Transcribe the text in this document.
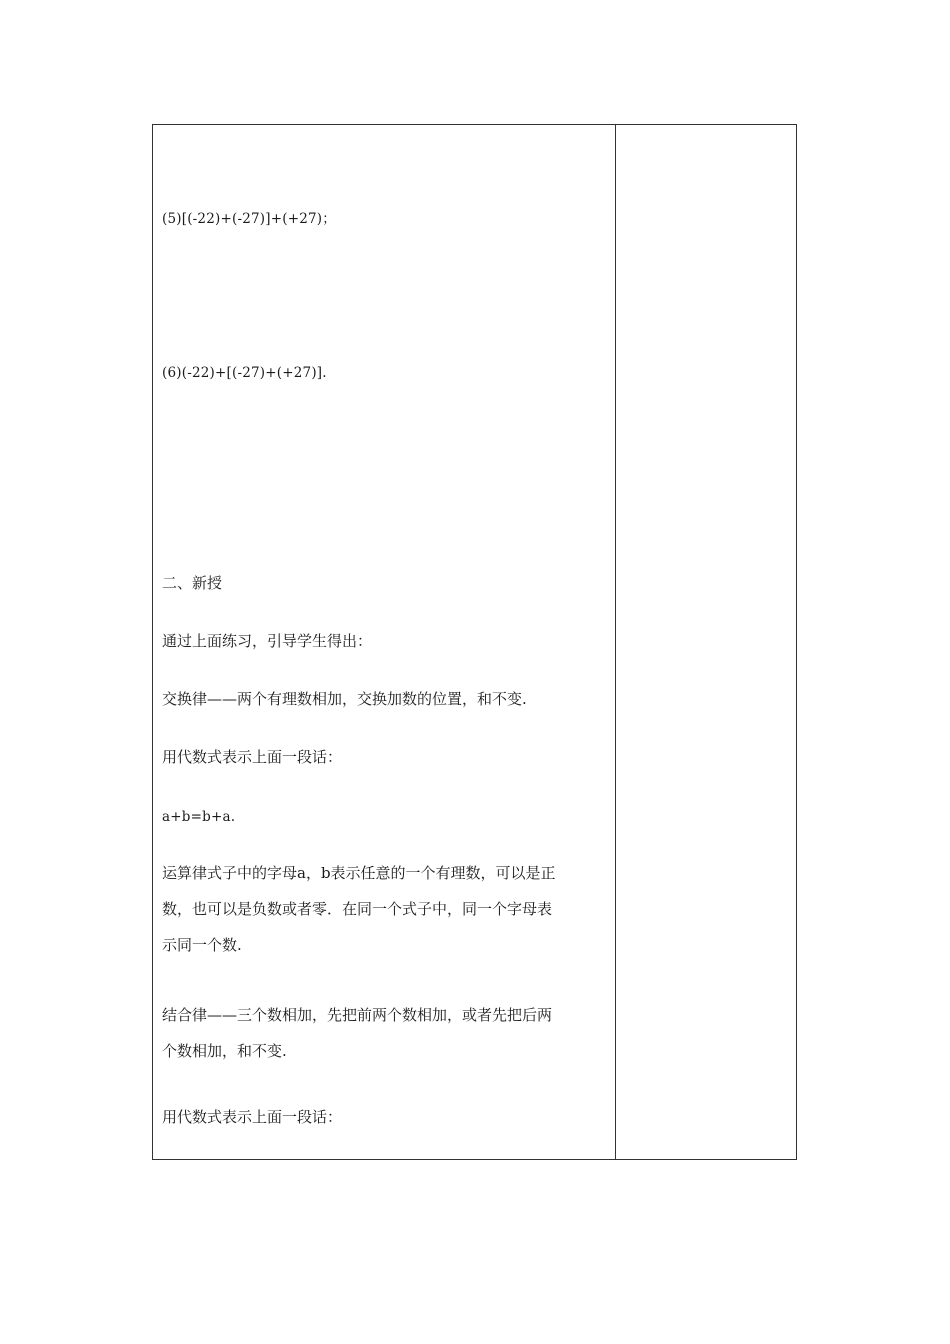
(5)[(-22)+(-27)]+(+27)；
(6)(-22)+[(-27)+(+27)].
二、新授
通过上面练习，引导学生得出：
交换律——两个有理数相加，交换加数的位置，和不变.
用代数式表示上面一段话：
a+b=b+a.
运算律式子中的字母a，b表示任意的一个有理数，可以是正
数，也可以是负数或者零．在同一个式子中，同一个字母表
示同一个数.
结合律——三个数相加，先把前两个数相加，或者先把后两
个数相加，和不变.
用代数式表示上面一段话：
